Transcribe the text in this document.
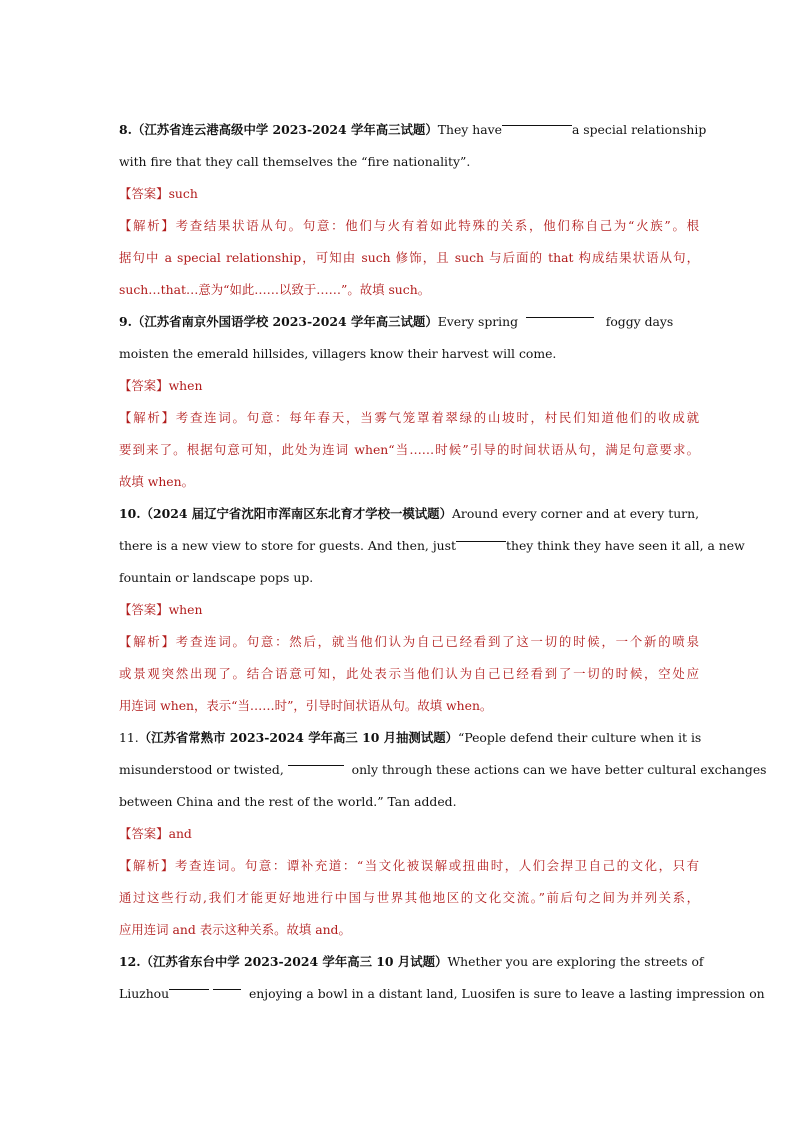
8.（江苏省连云港高级中学 2023-2024 学年高三试题）They have	a special relationship
with fire that they call themselves the “fire nationality”.
【答案】such
【解析】考查结果状语从句。句意：他们与火有着如此特殊的关系，他们称自己为“火族”。根
据句中 a special relationship，可知由 such 修饰，且 such 与后面的 that 构成结果状语从句，
such…that…意为“如此……以致于……”。故填 such。
9.（江苏省南京外国语学校 2023-2024 学年高三试题）Every spring	foggy days
moisten the emerald hillsides, villagers know their harvest will come.
【答案】when
【解析】考查连词。句意：每年春天，当雾气笼罩着翠绿的山坡时，村民们知道他们的收成就
要到来了。根据句意可知，此处为连词 when“当……时候”引导的时间状语从句，满足句意要求。
故填 when。
10.（2024 届辽宁省沈阳市浑南区东北育才学校一模试题）Around every corner and at every turn,
there is a new view to store for guests. And then, just	they think they have seen it all, a new
fountain or landscape pops up.
【答案】when
【解析】考查连词。句意：然后，就当他们认为自己已经看到了这一切的时候，一个新的喷泉
或景观突然出现了。结合语意可知，此处表示当他们认为自己已经看到了一切的时候，空处应
用连词 when，表示“当……时”，引导时间状语从句。故填 when。
11.（江苏省常熟市 2023-2024 学年高三 10 月抽测试题）“People defend their culture when it is
misunderstood or twisted,	only through these actions can we have better cultural exchanges
between China and the rest of the world.” Tan added.
【答案】and
【解析】考查连词。句意：谭补充道：“当文化被误解或扭曲时，人们会捍卫自己的文化，只有
通过这些行动,我们才能更好地进行中国与世界其他地区的文化交流。”前后句之间为并列关系，
应用连词 and 表示这种关系。故填 and。
12.（江苏省东台中学 2023-2024 学年高三 10 月试题）Whether you are exploring the streets of
Liuzhou	enjoying a bowl in a distant land, Luosifen is sure to leave a lasting impression on
